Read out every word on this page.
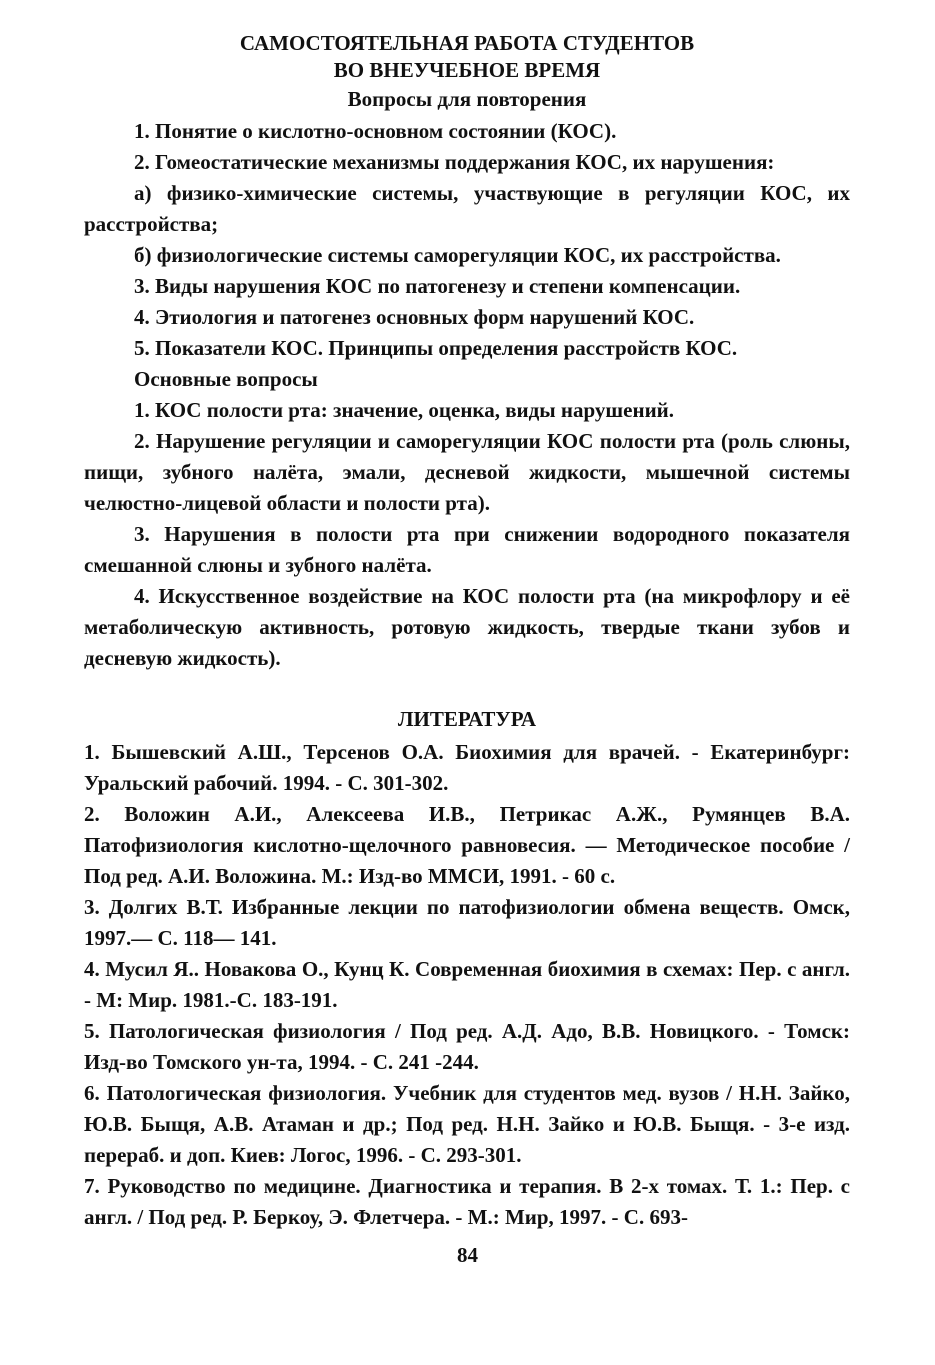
САМОСТОЯТЕЛЬНАЯ РАБОТА СТУДЕНТОВ

ВО ВНЕУЧЕБНОЕ ВРЕМЯ

Вопросы для повторения

1. Понятие о кислотно-основном состоянии (КОС).

2. Гомеостатические механизмы поддержания КОС, их нарушения:

а) физико-химические системы, участвующие в регуляции КОС, их расстройства;

б) физиологические системы саморегуляции КОС, их расстройства.

3. Виды нарушения КОС по патогенезу и степени компенсации.

4. Этиология и патогенез основных форм нарушений КОС.

5. Показатели КОС. Принципы определения расстройств КОС.

Основные вопросы

1. КОС полости рта: значение, оценка, виды нарушений.

2. Нарушение регуляции и саморегуляции КОС полости рта (роль слюны, пищи, зубного налёта, эмали, десневой жидкости, мышечной системы челюстно-лицевой области и полости рта).

3. Нарушения в полости рта при снижении водородного показателя смешанной слюны и зубного налёта.

4. Искусственное воздействие на КОС полости рта (на микрофлору и её метаболическую активность, ротовую жидкость, твердые ткани зубов и десневую жидкость).

ЛИТЕРАТУРА

1. Бышевский А.Ш., Терсенов О.А. Биохимия для врачей. - Екатеринбург: Уральский рабочий. 1994. - С. 301-302.

2. Воложин А.И., Алексеева И.В., Петрикас А.Ж., Румянцев В.А. Патофизиология кислотно-щелочного равновесия. — Методическое пособие / Под ред. А.И. Воложина. М.: Изд-во ММСИ, 1991. - 60 с.

3. Долгих В.Т. Избранные лекции по патофизиологии обмена веществ. Омск, 1997.— С. 118— 141.

4. Мусил Я.. Новакова О., Кунц К. Современная биохимия в схемах: Пер. с англ. - М: Мир. 1981.-С. 183-191.

5. Патологическая физиология / Под ред. А.Д. Адо, В.В. Новицкого. - Томск: Изд-во Томского ун-та, 1994. - С. 241 -244.

6. Патологическая физиология. Учебник для студентов мед. вузов / Н.Н. Зайко, Ю.В. Быщя, А.В. Атаман и др.; Под ред. Н.Н. Зайко и Ю.В. Быщя. - 3-е изд. перераб. и доп. Киев: Логос, 1996. - С. 293-301.

7. Руководство по медицине. Диагностика и терапия. В 2-х томах. Т. 1.: Пер. с англ. / Под ред. Р. Беркоу, Э. Флетчера. - М.: Мир, 1997. - С. 693-

84
